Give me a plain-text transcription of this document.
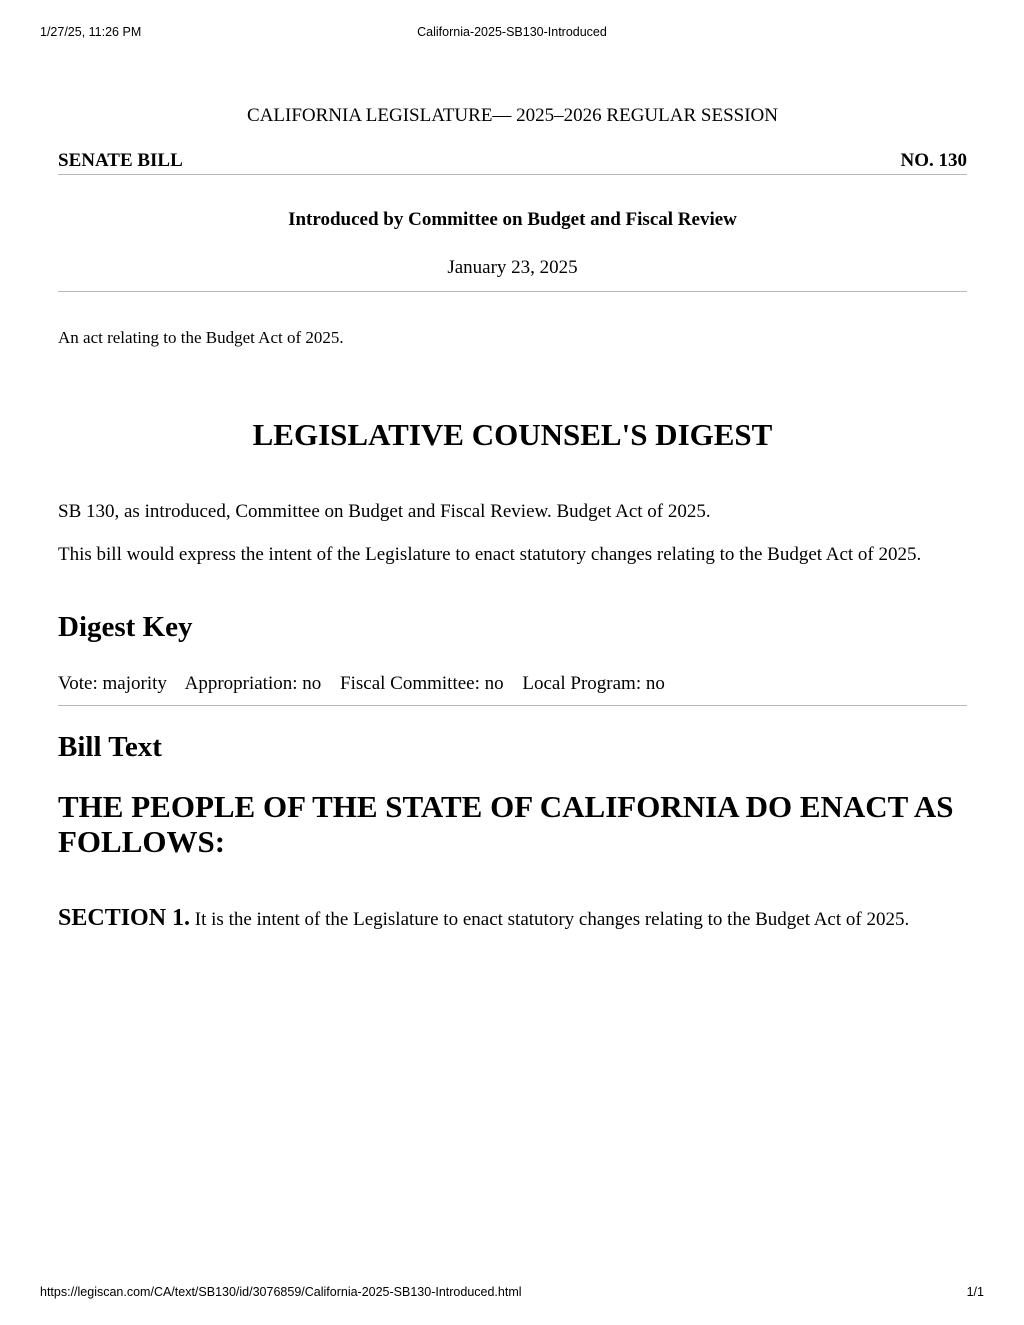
1/27/25, 11:26 PM	California-2025-SB130-Introduced
CALIFORNIA LEGISLATURE— 2025–2026 REGULAR SESSION
SENATE BILL	NO. 130
Introduced by Committee on Budget and Fiscal Review
January 23, 2025
An act relating to the Budget Act of 2025.
LEGISLATIVE COUNSEL'S DIGEST
SB 130, as introduced, Committee on Budget and Fiscal Review. Budget Act of 2025.
This bill would express the intent of the Legislature to enact statutory changes relating to the Budget Act of 2025.
Digest Key
Vote: majority Appropriation: no Fiscal Committee: no Local Program: no
Bill Text
THE PEOPLE OF THE STATE OF CALIFORNIA DO ENACT AS FOLLOWS:
SECTION 1. It is the intent of the Legislature to enact statutory changes relating to the Budget Act of 2025.
https://legiscan.com/CA/text/SB130/id/3076859/California-2025-SB130-Introduced.html	1/1
